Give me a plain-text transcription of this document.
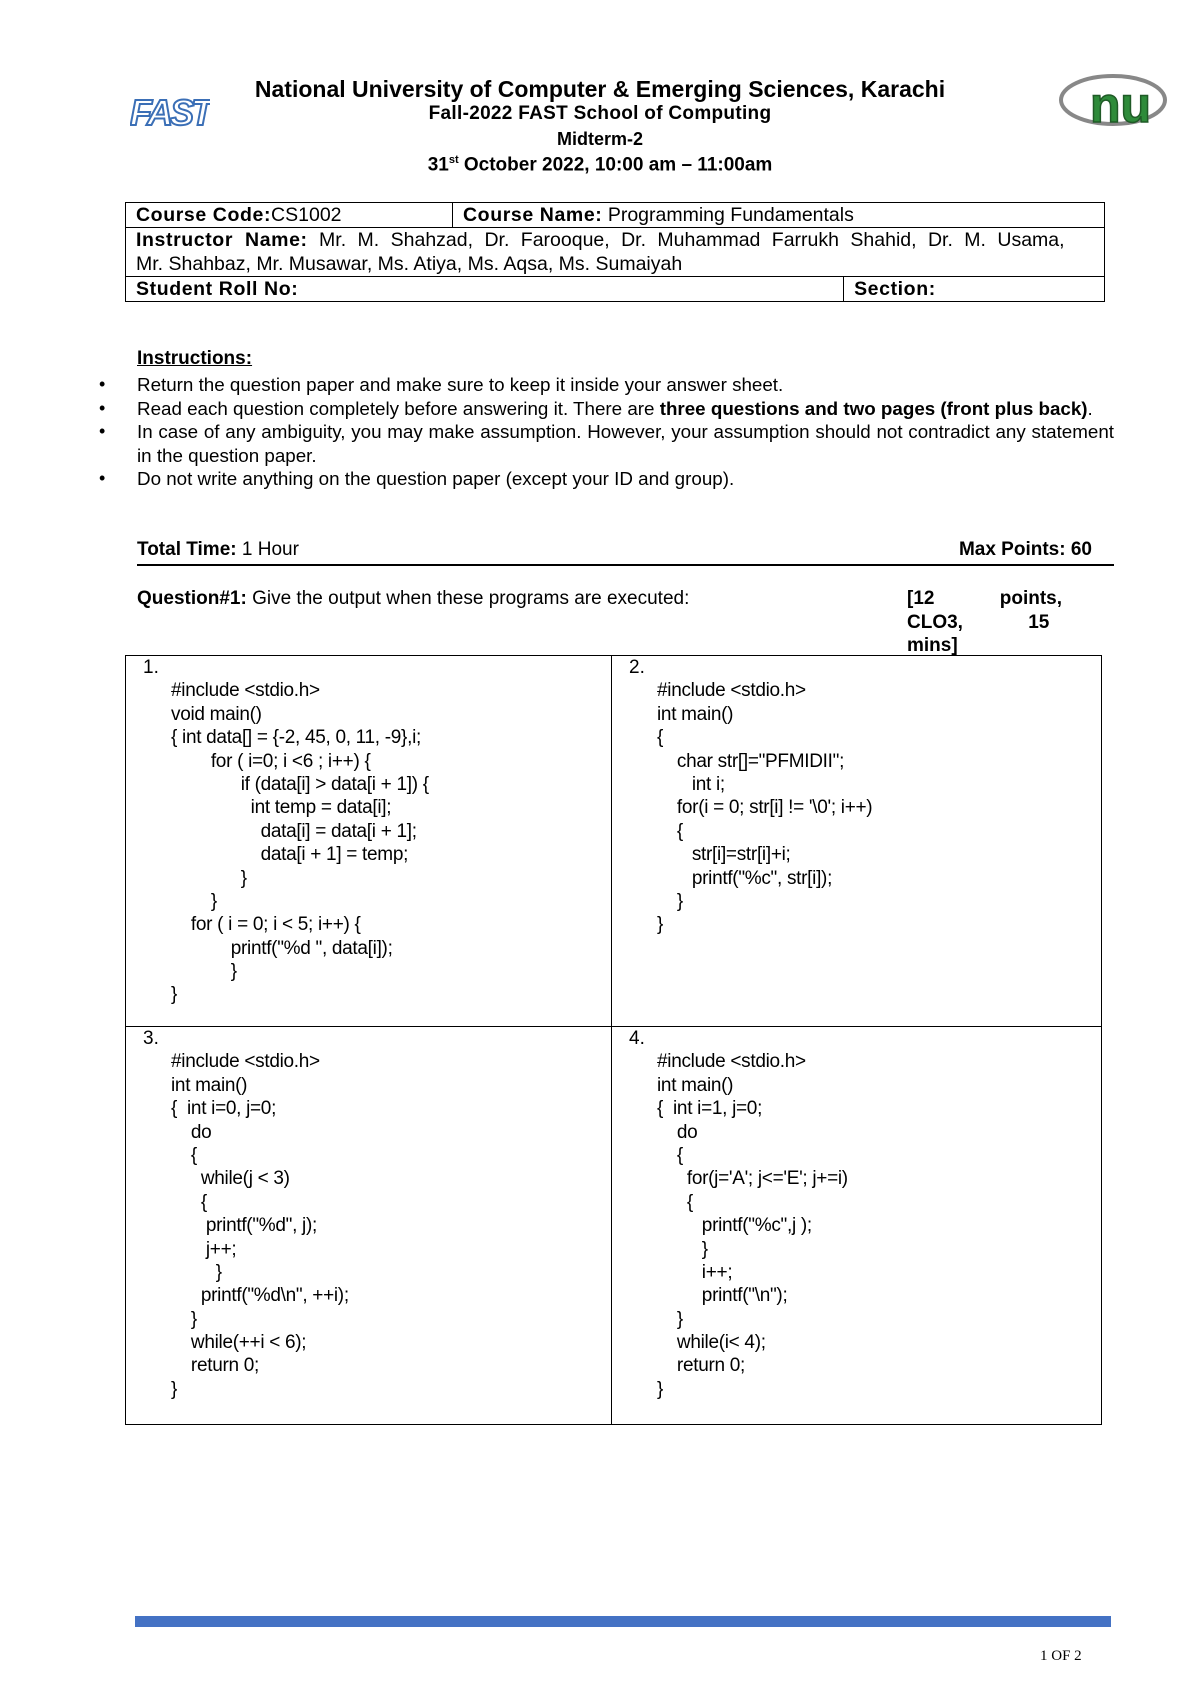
FAST	nu
National University of Computer & Emerging Sciences, Karachi
Fall-2022 FAST School of Computing
Midterm-2
31st October 2022, 10:00 am – 11:00am
Course Code:CS1002	Course Name: Programming Fundamentals	

Instructor Name: Mr. M. Shahzad, Dr. Farooque, Dr. Muhammad Farrukh Shahid, Dr. M. Usama,
Mr. Shahbaz, Mr. Musawar, Ms. Atiya, Ms. Aqsa, Ms. Sumaiyah		

Student Roll No:		Section:
Instructions:
• Return the question paper and make sure to keep it inside your answer sheet.
• Read each question completely before answering it. There are three questions and two pages (front plus back).
• In case of any ambiguity, you may make assumption. However, your assumption should not contradict any statement in the question paper.
• Do not write anything on the question paper (except your ID and group).
Total Time: 1 Hour	Max Points: 60
Question#1: Give the output when these programs are executed:	[12 points, CLO3, 15 mins]
1.
#include <stdio.h>
void main()
{ int data[] = {-2, 45, 0, 11, -9},i;
for ( i=0; i <6 ; i++) {
if (data[i] > data[i + 1]) {
int temp = data[i];
data[i] = data[i + 1];
data[i + 1] = temp;
}
}
for ( i = 0; i < 5; i++) {
printf("%d ", data[i]);
}
}
2.
#include <stdio.h>
int main()
{
char str[]="PFMIDII";
int i;
for(i = 0; str[i] != '\0'; i++)
{
str[i]=str[i]+i;
printf("%c", str[i]);
}
}
3.
#include <stdio.h>
int main()
{  int i=0, j=0;
do
{
while(j < 3)
{
printf("%d", j);
j++;
}
printf("%d\n", ++i);
}
while(++i < 6);
return 0;
}
4.
#include <stdio.h>
int main()
{  int i=1, j=0;
do
{
for(j='A'; j<='E'; j+=i)
{
printf("%c",j );
}
i++;
printf("\n");
}
while(i< 4);
return 0;
}
1 OF 2
